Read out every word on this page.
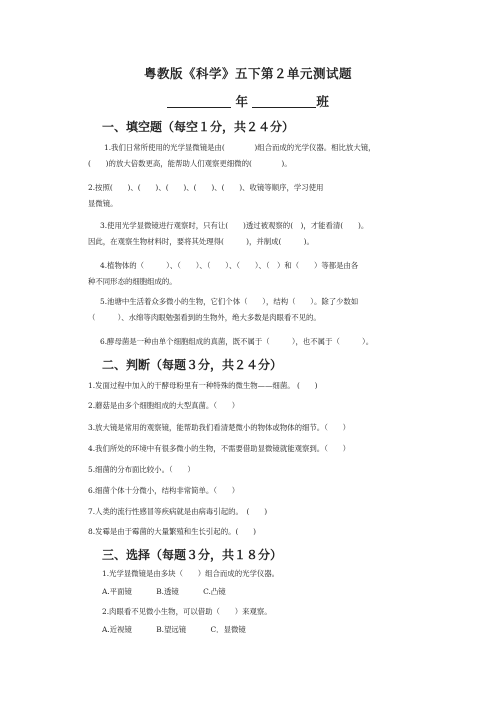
粤教版《科学》五下第２单元测试题
年	班
一、填空题（每空１分，共２４分）
1.我们日常所使用的光学显微镜是由(　　　　)组合而成的光学仪器。相比放大镜，
(　　)的放大倍数更高，能帮助人们观察更细微的(　　　　)。
2.按照(　　)、(　　)、(　　)、(　　)、(　　)、收镜等顺序，学习使用
显微镜。
3.使用光学显微镜进行观察时，只有让(　　)透过被观察的(　)，才能看清(　　)。
因此，在观察生物材料时，要将其处理得(　　　)，并制成(　　　)。
4.植物体的（　　　）、（　　）、（　　）、（　　）、（　）和（　　）等都是由各
种不同形态的细胞组成的。
5.池塘中生活着众多微小的生物，它们个体（　　），结构（　　）。除了少数如
（　　　）、水绵等肉眼勉强看到的生物外，绝大多数是肉眼看不见的。
6.酵母菌是一种由单个细胞组成的真菌，既不属于（　　　），也不属于（　　　）。
二、判断（每题３分，共２４分）
1.发面过程中加入的干酵母粉里有一种特殊的微生物——细菌。 (　　)
2.蘑菇是由多个细胞组成的大型真菌。（　　）
3.放大镜是常用的观察镜，能帮助我们看清楚微小的物体或物体的细节。（　　）
4.我们所处的环境中有很多微小的生物，不需要借助显微镜就能观察到。（　　）
5.细菌的分布面比较小。（　　）
6.细菌个体十分微小，结构非常简单。（　　）
7.人类的流行性感冒等疾病就是由病毒引起的。　(　　)
8.发霉是由于霉菌的大量繁殖和生长引起的。(　　)
三、选择（每题３分，共１８分）
1.光学显微镜是由多块（　　）组合而成的光学仪器。
A.平面镜	B.透镜	C.凸镜
2.肉眼看不见微小生物，可以借助（　　）来观察。
A.近视镜	B.望远镜	C．显微镜
